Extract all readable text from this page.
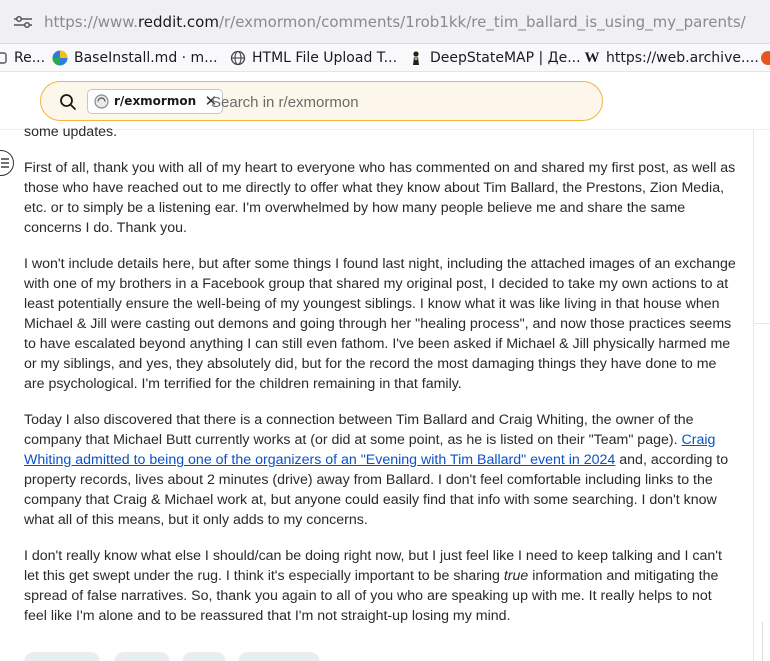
https://www.reddit.com/r/exmormon/comments/1rob1kk/re_tim_ballard_is_using_my_parents/
Re... BaseInstall.md · m... HTML File Upload T... DeepStateMAP | Де... W https://web.archive....
r/exmormon ✕
Search in r/exmormon

some updates.

First of all, thank you with all of my heart to everyone who has commented on and shared my first post, as well as those who have reached out to me directly to offer what they know about Tim Ballard, the Prestons, Zion Media, etc. or to simply be a listening ear. I'm overwhelmed by how many people believe me and share the same concerns I do. Thank you.

I won't include details here, but after some things I found last night, including the attached images of an exchange with one of my brothers in a Facebook group that shared my original post, I decided to take my own actions to at least potentially ensure the well-being of my youngest siblings. I know what it was like living in that house when Michael & Jill were casting out demons and going through her "healing process", and now those practices seems to have escalated beyond anything I can still even fathom. I've been asked if Michael & Jill physically harmed me or my siblings, and yes, they absolutely did, but for the record the most damaging things they have done to me are psychological. I'm terrified for the children remaining in that family.

Today I also discovered that there is a connection between Tim Ballard and Craig Whiting, the owner of the company that Michael Butt currently works at (or did at some point, as he is listed on their "Team" page). Craig Whiting admitted to being one of the organizers of an "Evening with Tim Ballard" event in 2024 and, according to property records, lives about 2 minutes (drive) away from Ballard. I don't feel comfortable including links to the company that Craig & Michael work at, but anyone could easily find that info with some searching. I don't know what all of this means, but it only adds to my concerns.

I don't really know what else I should/can be doing right now, but I just feel like I need to keep talking and I can't let this get swept under the rug. I think it's especially important to be sharing true information and mitigating the spread of false narratives. So, thank you again to all of you who are speaking up with me. It really helps to not feel like I'm alone and to be reassured that I'm not straight-up losing my mind.
